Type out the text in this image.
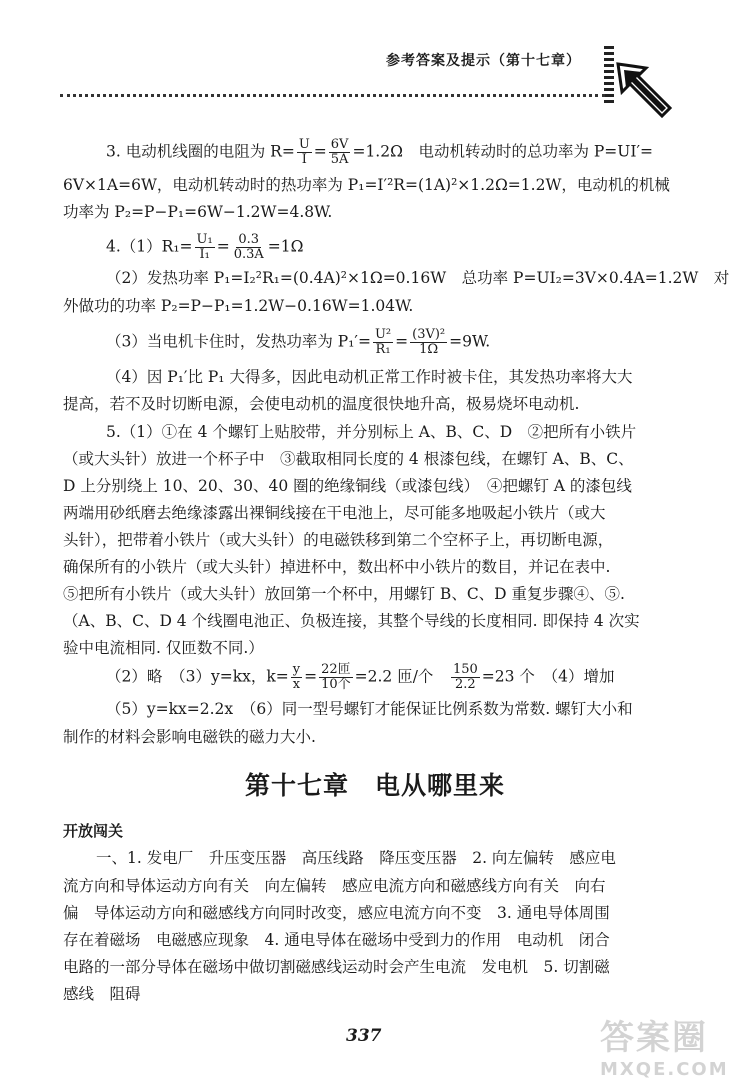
参考答案及提示（第十七章）
3. 电动机线圈的电阻为 $R= \frac{U}{I} = \frac{6V}{5A} =1.2\Omega$　电动机转动时的总功率为 P=UI′=
6V×1A=6W，电动机转动时的热功率为 P₁=I′²R=(1A)²×1.2Ω=1.2W，电动机的机械
功率为 P₂=P−P₁=6W−1.2W=4.8W.
$4.(1)R_1= \frac{\text{U₁}}{\text{I₁}} = \frac{0.3}{0.3A} =1\Omega$
（2）发热功率 P₁=I₂²R₁=(0.4A)²×1Ω=0.16W　总功率 P=UI₂=3V×0.4A=1.2W　对
外做功的功率 P₂=P−P₁=1.2W−0.16W=1.04W.
（3）当电机卡住时，发热功率为 $P_1'= \frac{\text{U²}}{\text{R₁}} = \frac{\text{(3V)²}}{1\Omega} =9W$.
（4）因 P₁′比 P₁ 大得多，因此电动机正常工作时被卡住，其发热功率将大大
提高，若不及时切断电源，会使电动机的温度很快地升高，极易烧坏电动机.
5.（1）①在 4 个螺钉上贴胶带，并分别标上 A、B、C、D　②把所有小铁片
（或大头针）放进一个杯子中　③截取相同长度的 4 根漆包线，在螺钉 A、B、C、
D 上分别绕上 10、20、30、40 圈的绝缘铜线（或漆包线）　④把螺钉 A 的漆包线
两端用砂纸磨去绝缘漆露出裸铜线接在干电池上，尽可能多地吸起小铁片（或大
头针），把带着小铁片（或大头针）的电磁铁移到第二个空杯子上，再切断电源，
确保所有的小铁片（或大头针）掉进杯中，数出杯中小铁片的数目，并记在表中.
⑤把所有小铁片（或大头针）放回第一个杯中，用螺钉 B、C、D 重复步骤④、⑤.
（A、B、C、D 4 个线圈电池正、负极连接，其整个导线的长度相同. 即保持 4 次实
验中电流相同. 仅匝数不同.）
（2）略　（3）y=kx，$k= \frac{y}{x} = \frac{\text{22匝}}{\text{10个}} =2.2$ 匝/个　 $\frac{150}{2.2} =23$ 个　（4）增加
（5）y=kx=2.2x　（6）同一型号螺钉才能保证比例系数为常数. 螺钉大小和
制作的材料会影响电磁铁的磁力大小.
第十七章　电从哪里来
开放闯关
一、1. 发电厂　升压变压器　高压线路　降压变压器　2. 向左偏转　感应电
流方向和导体运动方向有关　向左偏转　感应电流方向和磁感线方向有关　向右
偏　导体运动方向和磁感线方向同时改变，感应电流方向不变　3. 通电导体周围
存在着磁场　电磁感应现象　4. 通电导体在磁场中受到力的作用　电动机　闭合
电路的一部分导体在磁场中做切割磁感线运动时会产生电流　发电机　5. 切割磁
感线　阻碍
337	答案圈
MXQE.COM
